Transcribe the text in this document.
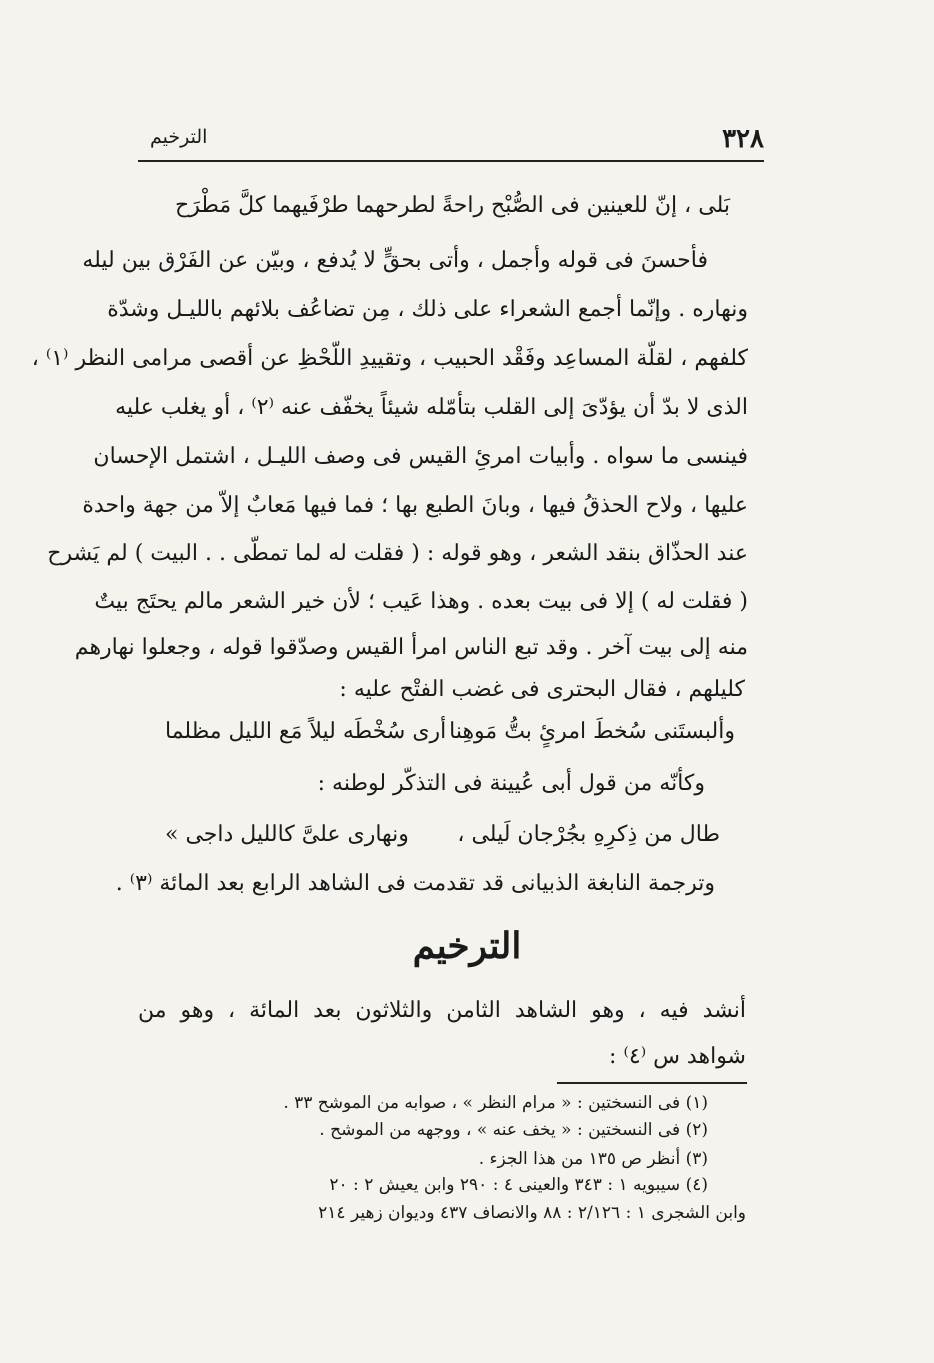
٣٢٨
الترخيم
بَلى ، إنّ للعينين فى الصُّبْح راحةً
لطرحهما طرْفَيهما كلَّ مَطْرَح
فأحسنَ فى قوله وأجمل ، وأتى بحقٍّ لا يُدفع ، وبيّن عن الفَرْق بين ليله
ونهاره . وإنّما أجمع الشعراء على ذلك ، مِن تضاعُف بلائهم بالليـل وشدّة
كلفهم ، لقلّة المساعِد وفَقْد الحبيب ، وتقييدِ اللّحْظِ عن أقصى مرامى النظر ⁽١⁾ ،
الذى لا بدّ أن يؤدّىَ إلى القلب بتأمّله شيئاً يخفّف عنه ⁽٢⁾ ، أو يغلب عليه
فينسى ما سواه . وأبيات امرئِ القيس فى وصف الليـل ، اشتمل الإحسان
عليها ، ولاح الحذقُ فيها ، وبانَ الطبع بها ؛ فما فيها مَعابٌ إلاّ من جهة واحدة
عند الحذّاق بنقد الشعر ، وهو قوله : ( فقلت له لما تمطّى . . البيت ) لم يَشرح
( فقلت له ) إلا فى بيت بعده . وهذا عَيب ؛ لأن خير الشعر مالم يحتَج بيتٌ
منه إلى بيت آخر . وقد تبع الناس امرأ القيس وصدّقوا قوله ، وجعلوا نهارهم
كليلهم ، فقال البحترى فى غضب الفتْح عليه :
وألبستَنى سُخطَ امرئٍ بتُّ مَوهِنا
أرى سُخْطَه ليلاً مَع الليل مظلما
وكأنّه من قول أبى عُيينة فى التذكّر لوطنه :
طال من ذِكرِهِ بجُرْجان لَيلى ،
ونهارى علىَّ كالليل داجى »
وترجمة النابغة الذبيانى قد تقدمت فى الشاهد الرابع بعد المائة ⁽٣⁾ .
الترخيم
أنشد فيه ، وهو الشاهد الثامن والثلاثون بعد المائة ، وهو من
شواهد س ⁽٤⁾ :
(١) فى النسختين : « مرام النظر » ، صوابه من الموشح ٣٣ .
(٢) فى النسختين : « يخف عنه » ، ووجهه من الموشح .
(٣) أنظر ص ١٣٥ من هذا الجزء .
(٤) سيبويه ١ : ٣٤٣ والعينى ٤ : ٢٩٠ وابن يعيش ٢ : ٢٠
وابن الشجرى ١ : ٢/١٢٦ : ٨٨ والانصاف ٤٣٧ وديوان زهير ٢١٤
